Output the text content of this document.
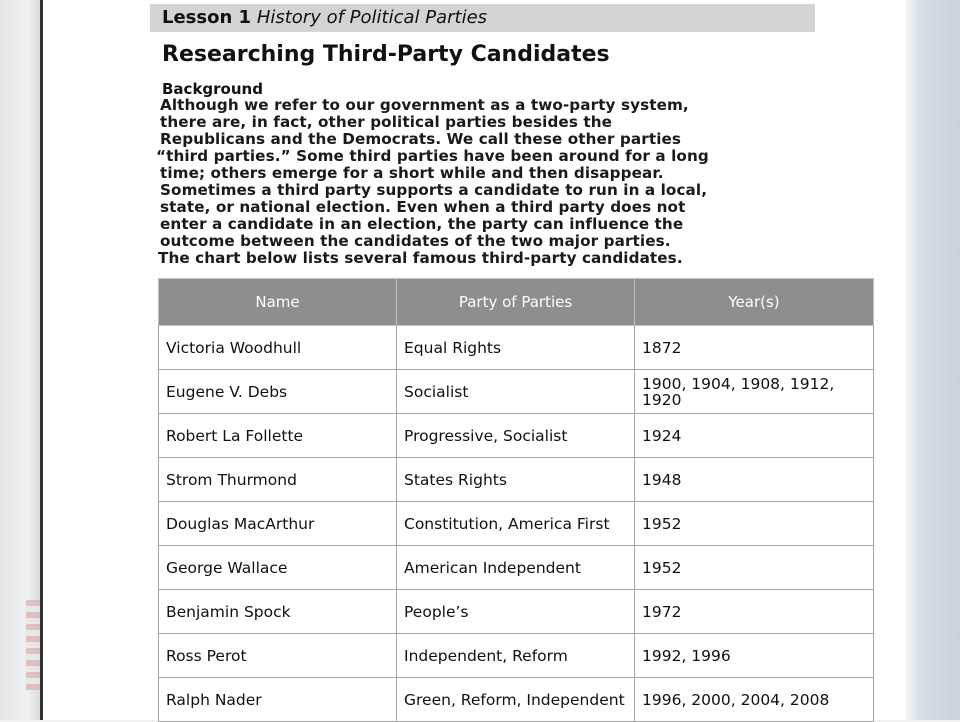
Lesson 1 History of Political Parties
Researching Third-Party Candidates
Background
Although we refer to our government as a two-party system,
there are, in fact, other political parties besides the
Republicans and the Democrats. We call these other parties
“third parties.” Some third parties have been around for a long
time; others emerge for a short while and then disappear.
Sometimes a third party supports a candidate to run in a local,
state, or national election. Even when a third party does not
enter a candidate in an election, the party can influence the
outcome between the candidates of the two major parties.
The chart below lists several famous third-party candidates.
Name	Party of Parties	Year(s)
Victoria Woodhull	Equal Rights	1872
Eugene V. Debs	Socialist	1900, 1904, 1908, 1912, 1920
Robert La Follette	Progressive, Socialist	1924
Strom Thurmond	States Rights	1948
Douglas MacArthur	Constitution, America First	1952
George Wallace	American Independent	1952
Benjamin Spock	People’s	1972
Ross Perot	Independent, Reform	1992, 1996
Ralph Nader	Green, Reform, Independent	1996, 2000, 2004, 2008
